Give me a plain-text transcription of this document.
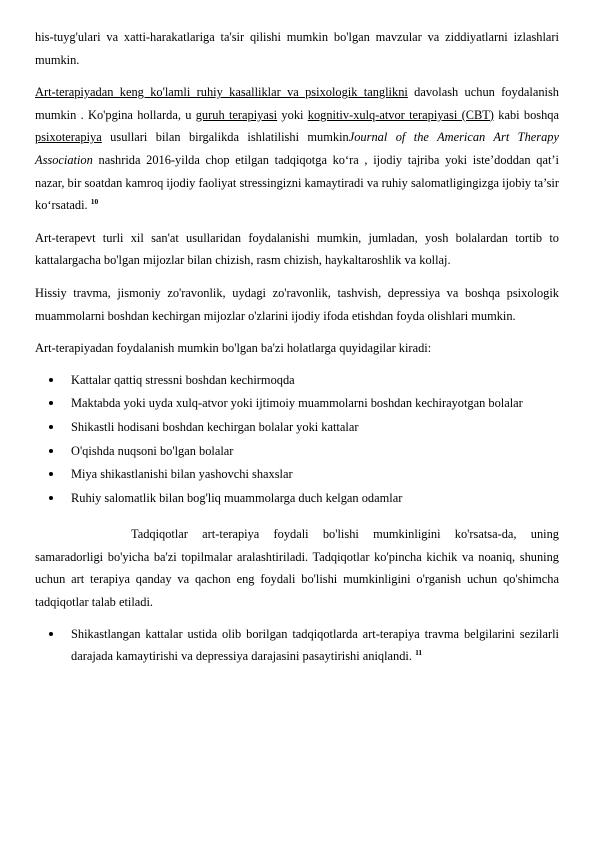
his-tuyg'ulari va xatti-harakatlariga ta'sir qilishi mumkin bo'lgan mavzular va ziddiyatlarni izlashlari mumkin.

Art-terapiyadan keng ko'lamli ruhiy kasalliklar va psixologik tanglikni davolash uchun foydalanish mumkin . Ko'pgina hollarda, u guruh terapiyasi yoki kognitiv-xulq-atvor terapiyasi (CBT) kabi boshqa psixoterapiya usullari bilan birgalikda ishlatilishi mumkinJournal of the American Art Therapy Association nashrida 2016-yilda chop etilgan tadqiqotga ko‘ra , ijodiy tajriba yoki iste’doddan qat’i nazar, bir soatdan kamroq ijodiy faoliyat stressingizni kamaytiradi va ruhiy salomatligingizga ijobiy ta’sir ko‘rsatadi. $^{10}$

Art-terapevt turli xil san'at usullaridan foydalanishi mumkin, jumladan, yosh bolalardan tortib to kattalargacha bo'lgan mijozlar bilan chizish, rasm chizish, haykaltaroshlik va kollaj.

Hissiy travma, jismoniy zo'ravonlik, uydagi zo'ravonlik, tashvish, depressiya va boshqa psixologik muammolarni boshdan kechirgan mijozlar o'zlarini ijodiy ifoda etishdan foyda olishlari mumkin.

Art-terapiyadan foydalanish mumkin bo'lgan ba'zi holatlarga quyidagilar kiradi:

Kattalar qattiq stressni boshdan kechirmoqda
Maktabda yoki uyda xulq-atvor yoki ijtimoiy muammolarni boshdan kechirayotgan bolalar
Shikastli hodisani boshdan kechirgan bolalar yoki kattalar
O'qishda nuqsoni bo'lgan bolalar
Miya shikastlanishi bilan yashovchi shaxslar
Ruhiy salomatlik bilan bog'liq muammolarga duch kelgan odamlar

Tadqiqotlar art-terapiya foydali bo'lishi mumkinligini ko'rsatsa-da, uning samaradorligi bo'yicha ba'zi topilmalar aralashtiriladi. Tadqiqotlar ko'pincha kichik va noaniq, shuning uchun art terapiya qanday va qachon eng foydali bo'lishi mumkinligini o'rganish uchun qo'shimcha tadqiqotlar talab etiladi.

Shikastlangan kattalar ustida olib borilgan tadqiqotlarda art-terapiya travma belgilarini sezilarli darajada kamaytirishi va depressiya darajasini pasaytirishi aniqlandi. $^{11}$
